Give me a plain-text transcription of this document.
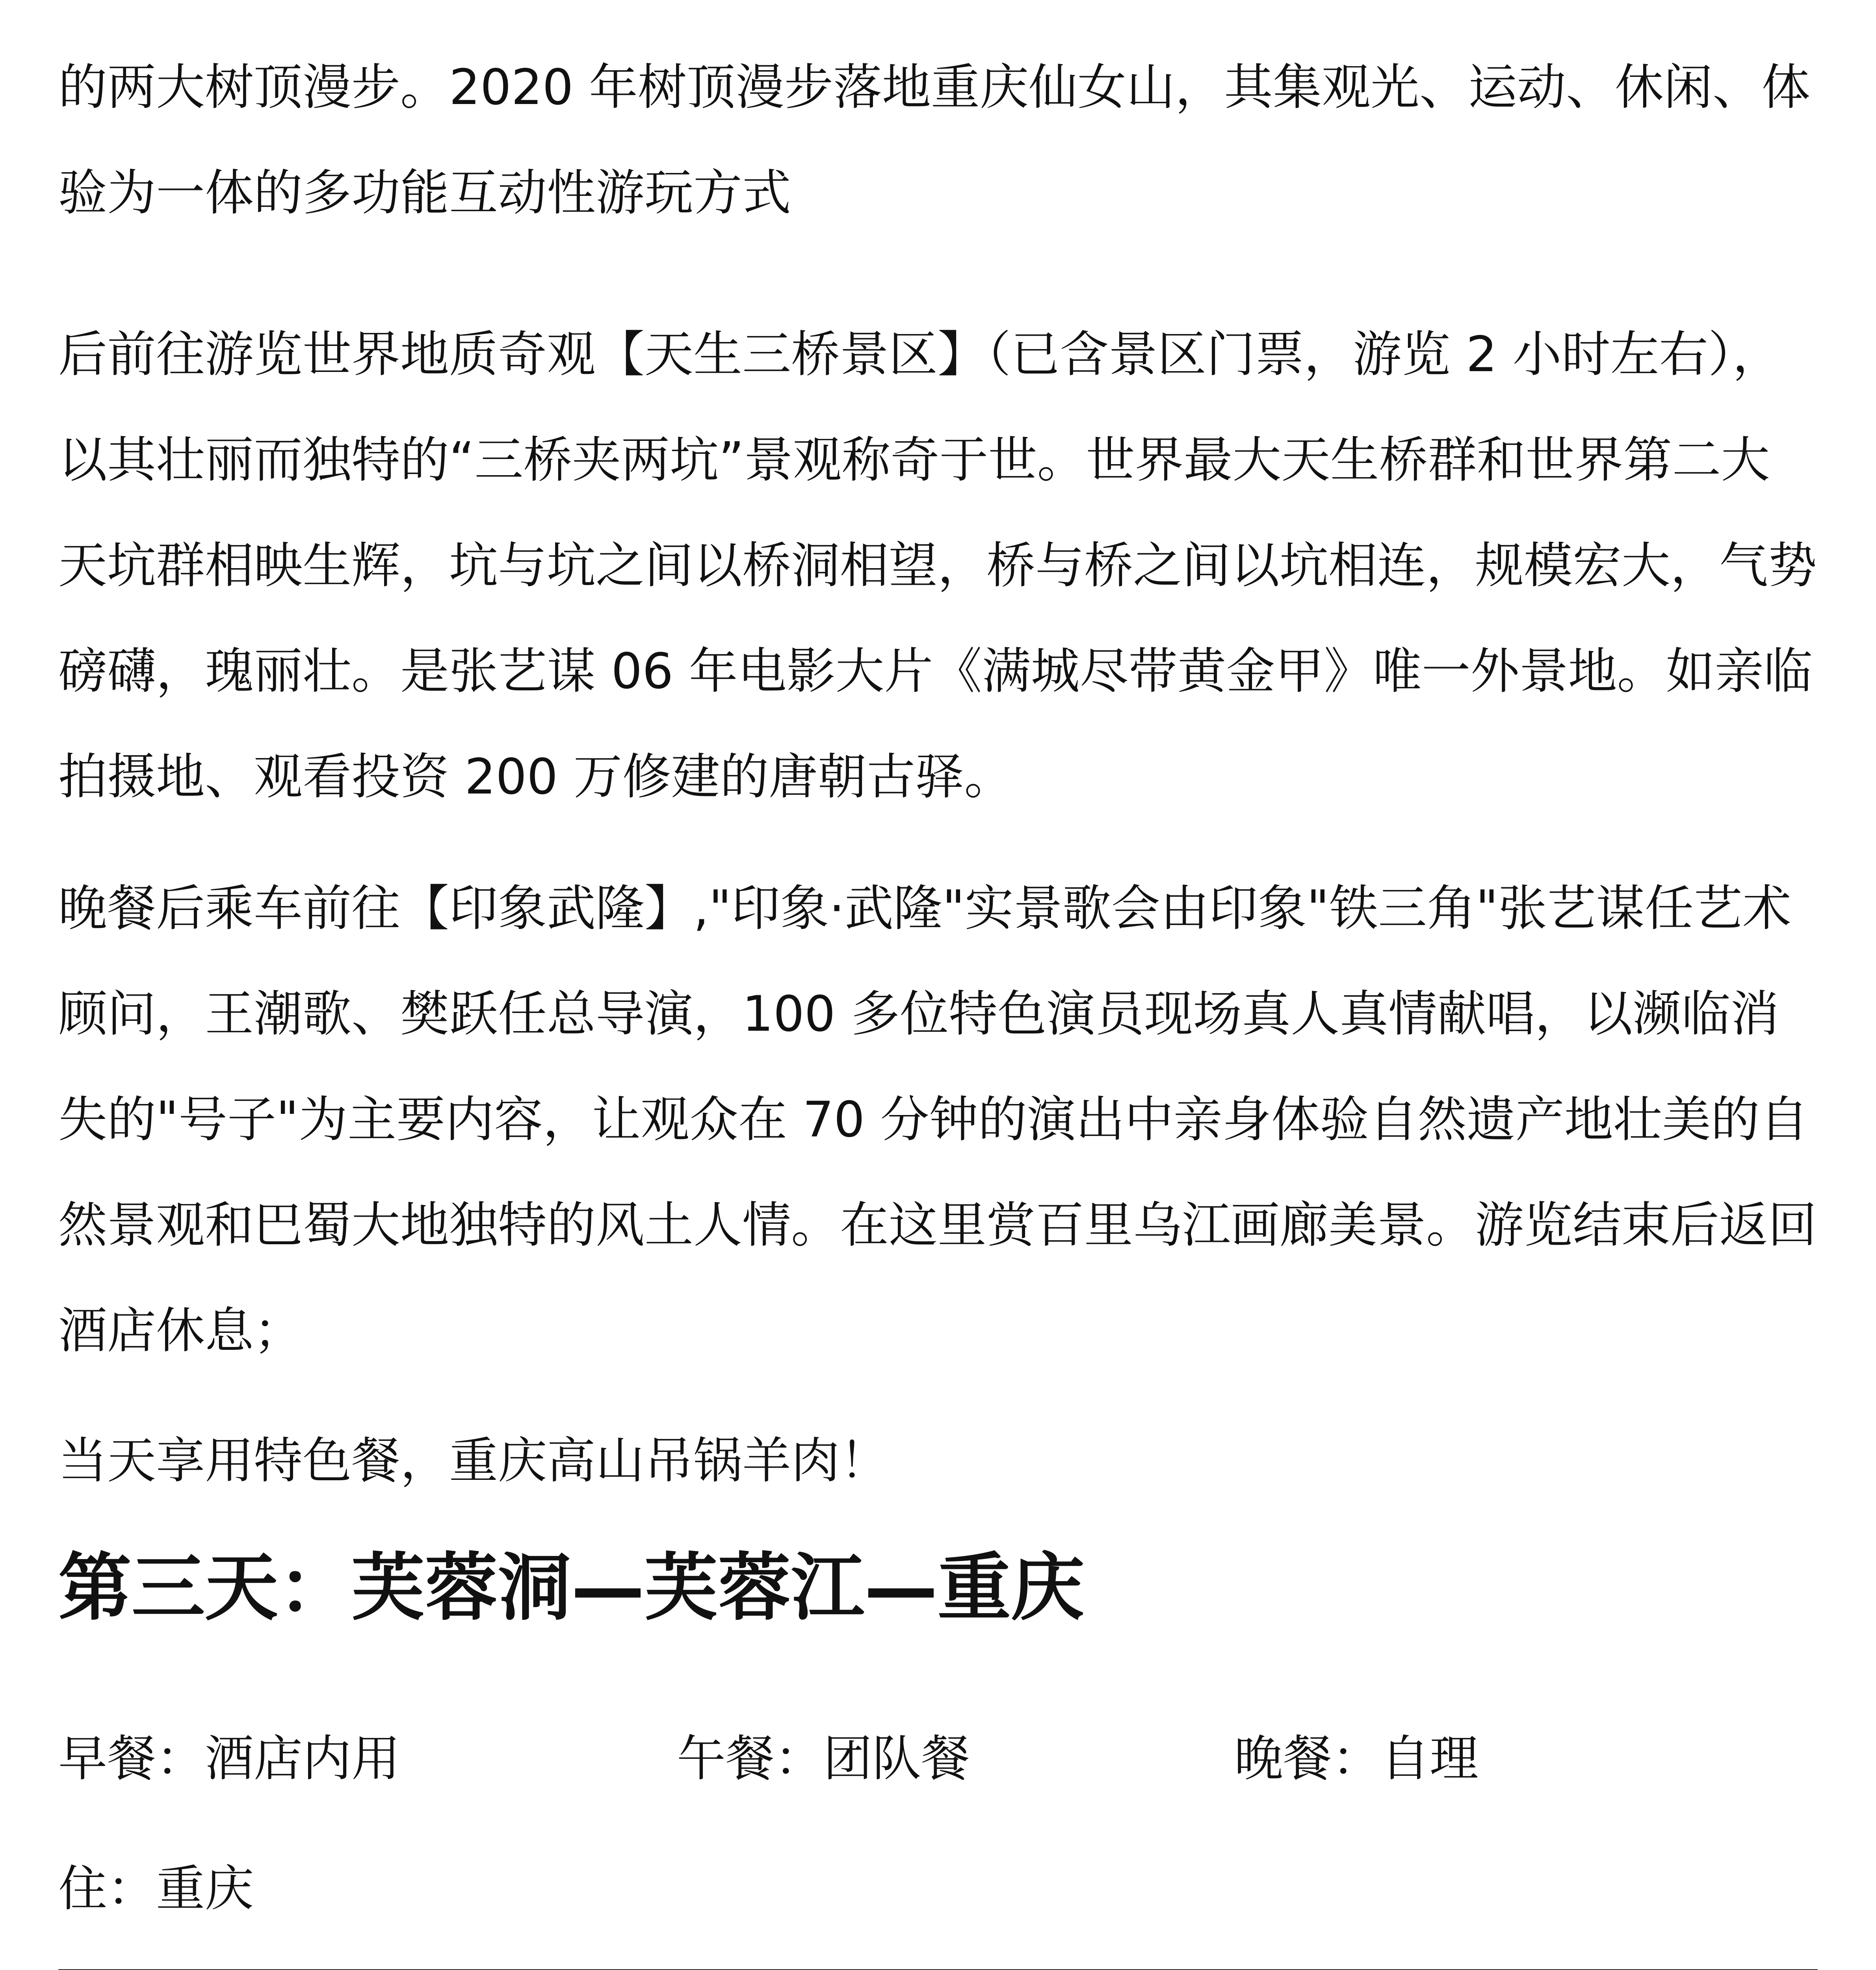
的两大树顶漫步。2020 年树顶漫步落地重庆仙女山，其集观光、运动、休闲、体验为一体的多功能互动性游玩方式

后前往游览世界地质奇观【天生三桥景区】（已含景区门票，游览 2 小时左右），以其壮丽而独特的“三桥夹两坑”景观称奇于世。世界最大天生桥群和世界第二大天坑群相映生辉，坑与坑之间以桥洞相望，桥与桥之间以坑相连，规模宏大，气势磅礴，瑰丽壮。是张艺谋 06 年电影大片《满城尽带黄金甲》唯一外景地。如亲临拍摄地、观看投资 200 万修建的唐朝古驿。

晚餐后乘车前往【印象武隆】,"印象·武隆"实景歌会由印象"铁三角"张艺谋任艺术顾问，王潮歌、樊跃任总导演，100 多位特色演员现场真人真情献唱，以濒临消失的"号子"为主要内容，让观众在 70 分钟的演出中亲身体验自然遗产地壮美的自然景观和巴蜀大地独特的风土人情。在这里赏百里乌江画廊美景。游览结束后返回酒店休息；

当天享用特色餐，重庆高山吊锅羊肉！

第三天：芙蓉洞—芙蓉江—重庆
早餐：酒店内用	午餐：团队餐	晚餐：自理
住：重庆
